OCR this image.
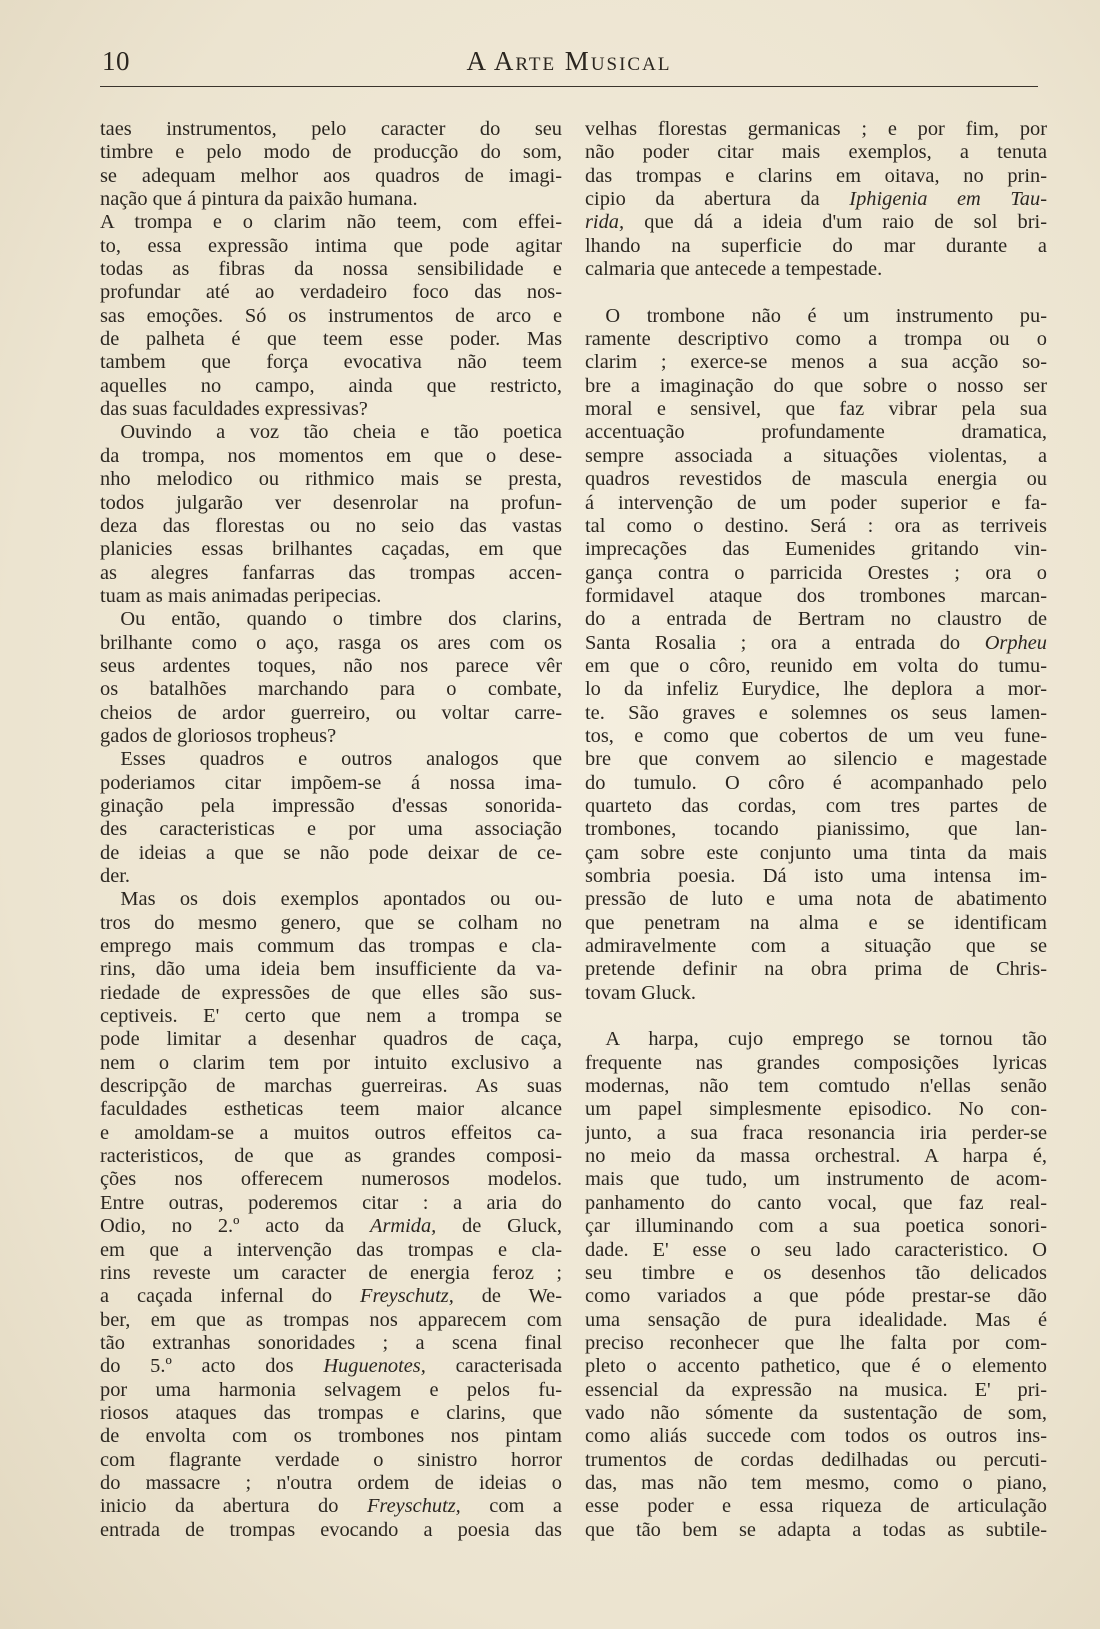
10	A Arte Musical
taes instrumentos, pelo caracter do seu
timbre e pelo modo de producção do som,
se adequam melhor aos quadros de imagi-
nação que á pintura da paixão humana.
A trompa e o clarim não teem, com effei-
to, essa expressão intima que pode agitar
todas as fibras da nossa sensibilidade e
profundar até ao verdadeiro foco das nos-
sas emoções. Só os instrumentos de arco e
de palheta é que teem esse poder. Mas
tambem que força evocativa não teem
aquelles no campo, ainda que restricto,
das suas faculdades expressivas?
 Ouvindo a voz tão cheia e tão poetica
da trompa, nos momentos em que o dese-
nho melodico ou rithmico mais se presta,
todos julgarão ver desenrolar na profun-
deza das florestas ou no seio das vastas
planicies essas brilhantes caçadas, em que
as alegres fanfarras das trompas accen-
tuam as mais animadas peripecias.
 Ou então, quando o timbre dos clarins,
brilhante como o aço, rasga os ares com os
seus ardentes toques, não nos parece vêr
os batalhões marchando para o combate,
cheios de ardor guerreiro, ou voltar carre-
gados de gloriosos tropheus?
 Esses quadros e outros analogos que
poderiamos citar impõem-se á nossa ima-
ginação pela impressão d'essas sonorida-
des caracteristicas e por uma associação
de ideias a que se não pode deixar de ce-
der.
 Mas os dois exemplos apontados ou ou-
tros do mesmo genero, que se colham no
emprego mais commum das trompas e cla-
rins, dão uma ideia bem insufficiente da va-
riedade de expressões de que elles são sus-
ceptiveis. E' certo que nem a trompa se
pode limitar a desenhar quadros de caça,
nem o clarim tem por intuito exclusivo a
descripção de marchas guerreiras. As suas
faculdades estheticas teem maior alcance
e amoldam-se a muitos outros effeitos ca-
racteristicos, de que as grandes composi-
ções nos offerecem numerosos modelos.
Entre outras, poderemos citar : a aria do
Odio, no 2.º acto da Armida, de Gluck,
em que a intervenção das trompas e cla-
rins reveste um caracter de energia feroz ;
a caçada infernal do Freyschutz, de We-
ber, em que as trompas nos apparecem com
tão extranhas sonoridades ; a scena final
do 5.º acto dos Huguenotes, caracterisada
por uma harmonia selvagem e pelos fu-
riosos ataques das trompas e clarins, que
de envolta com os trombones nos pintam
com flagrante verdade o sinistro horror
do massacre ; n'outra ordem de ideias o
inicio da abertura do Freyschutz, com a
entrada de trompas evocando a poesia das
velhas florestas germanicas ; e por fim, por
não poder citar mais exemplos, a tenuta
das trompas e clarins em oitava, no prin-
cipio da abertura da Iphigenia em Tau-
rida, que dá a ideia d'um raio de sol bri-
lhando na superficie do mar durante a
calmaria que antecede a tempestade.
 O trombone não é um instrumento pu-
ramente descriptivo como a trompa ou o
clarim ; exerce-se menos a sua acção so-
bre a imaginação do que sobre o nosso ser
moral e sensivel, que faz vibrar pela sua
accentuação profundamente dramatica,
sempre associada a situações violentas, a
quadros revestidos de mascula energia ou
á intervenção de um poder superior e fa-
tal como o destino. Será : ora as terriveis
imprecações das Eumenides gritando vin-
gança contra o parricida Orestes ; ora o
formidavel ataque dos trombones marcan-
do a entrada de Bertram no claustro de
Santa Rosalia ; ora a entrada do Orpheu
em que o côro, reunido em volta do tumu-
lo da infeliz Eurydice, lhe deplora a mor-
te. São graves e solemnes os seus lamen-
tos, e como que cobertos de um veu fune-
bre que convem ao silencio e magestade
do tumulo. O côro é acompanhado pelo
quarteto das cordas, com tres partes de
trombones, tocando pianissimo, que lan-
çam sobre este conjunto uma tinta da mais
sombria poesia. Dá isto uma intensa im-
pressão de luto e uma nota de abatimento
que penetram na alma e se identificam
admiravelmente com a situação que se
pretende definir na obra prima de Chris-
tovam Gluck.
 A harpa, cujo emprego se tornou tão
frequente nas grandes composições lyricas
modernas, não tem comtudo n'ellas senão
um papel simplesmente episodico. No con-
junto, a sua fraca resonancia iria perder-se
no meio da massa orchestral. A harpa é,
mais que tudo, um instrumento de acom-
panhamento do canto vocal, que faz real-
çar illuminando com a sua poetica sonori-
dade. E' esse o seu lado caracteristico. O
seu timbre e os desenhos tão delicados
como variados a que póde prestar-se dão
uma sensação de pura idealidade. Mas é
preciso reconhecer que lhe falta por com-
pleto o accento pathetico, que é o elemento
essencial da expressão na musica. E' pri-
vado não sómente da sustentação de som,
como aliás succede com todos os outros ins-
trumentos de cordas dedilhadas ou percuti-
das, mas não tem mesmo, como o piano,
esse poder e essa riqueza de articulação
que tão bem se adapta a todas as subtile-
